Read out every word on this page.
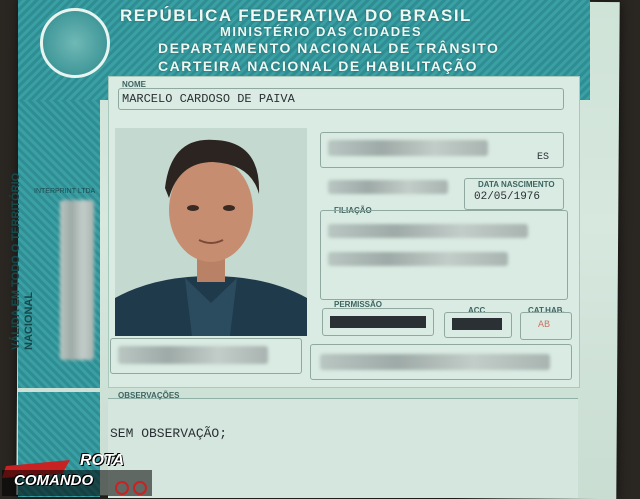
REPÚBLICA FEDERATIVA DO BRASIL
MINISTÉRIO DAS CIDADES
DEPARTAMENTO NACIONAL DE TRÂNSITO
CARTEIRA NACIONAL DE HABILITAÇÃO
NOME
MARCELO CARDOSO DE PAIVA
INTERPRINT LTDA
ES
DATA NASCIMENTO
02/05/1976
FILIAÇÃO
PERMISSÃO
ACC	CAT.HAB.
AB
VÁLIDA EM TODO O TERRITÓRIO NACIONAL
OBSERVAÇÕES
SEM OBSERVAÇÃO;
ROTA
COMANDO
